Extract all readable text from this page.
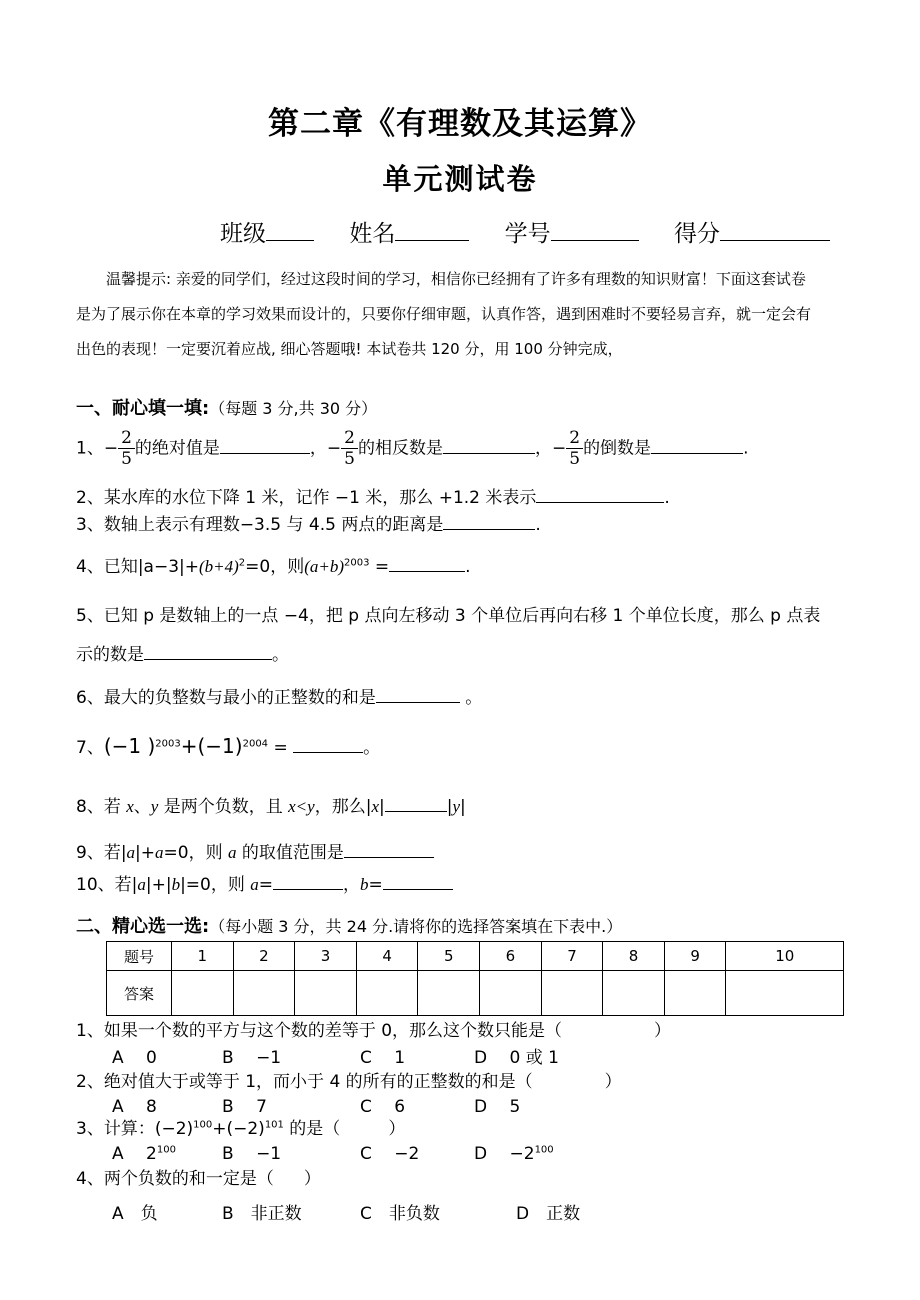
第二章《有理数及其运算》
单元测试卷
班级	姓名	学号	得分

温馨提示: 亲爱的同学们，经过这段时间的学习，相信你已经拥有了许多有理数的知识财富！下面这套试卷

是为了展示你在本章的学习效果而设计的，只要你仔细审题，认真作答，遇到困难时不要轻易言弃，就一定会有
出色的表现！一定要沉着应战, 细心答题哦! 本试卷共 120 分，用 100 分钟完成，
一、耐心填一填:（每题 3 分,共 30 分）
1、− $\frac{2}{5}$ 的绝对值是	，− $\frac{2}{5}$ 的相反数是	，− $\frac{2}{5}$ 的倒数是	.
2、某水库的水位下降 1 米，记作 −1 米，那么 +1.2 米表示	.
3、数轴上表示有理数−3.5 与 4.5 两点的距离是	.
4、已知$|a-3|+(b+4)^2=0$，则$(a+b)^{2003}$ =	.
5、已知 p 是数轴上的一点 −4，把 p 点向左移动 3 个单位后再向右移 1 个单位长度，那么 p 点表
示的数是	。
6、最大的负整数与最小的正整数的和是	。
7、(−1 )$^{2003}+(-1)^{2004}$ =	。
8、若 x、y 是两个负数，且 x<y，那么|x|	|y|
9、若|a|+a=0，则 a 的取值范围是
10、若|a|+|b|=0，则 a=	，b=
二、精心选一选:（每小题 3 分，共 24 分.请将你的选择答案填在下表中.）
题号	1	2	3	4	5	6	7	8	9	10
答案										
1、如果一个数的平方与这个数的差等于 0，那么这个数只能是（	）
A　 0	B　 −1	C　 1	D　 0 或 1
2、绝对值大于或等于 1，而小于 4 的所有的正整数的和是（	）
A　 8	B　 7	C　 6	D　 5
3、计算：$(-2)^{100}+(-2)^{101}$ 的是（	）
A　 $2^{100}$	B　 −1	C　 −2	D　 $-2^{100}$
4、两个负数的和一定是（ ）
A　负	B　非正数	C　非负数	D　正数
